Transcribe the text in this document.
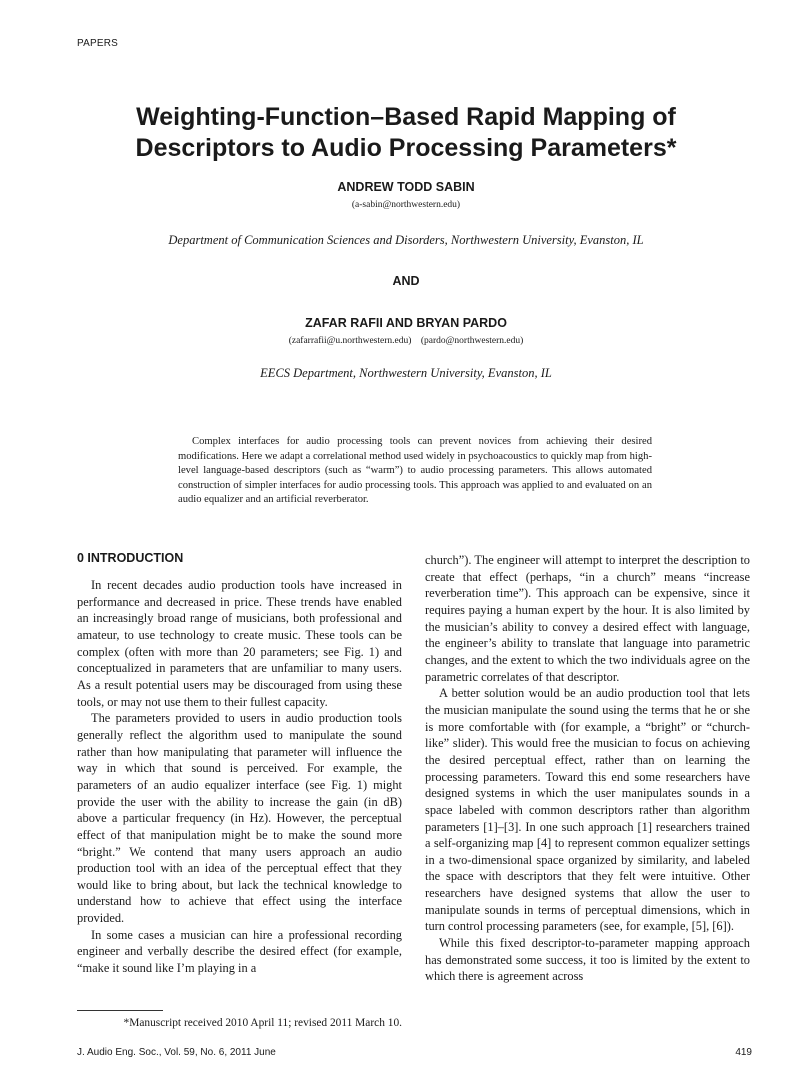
PAPERS
Weighting-Function–Based Rapid Mapping of
Descriptors to Audio Processing Parameters*
ANDREW TODD SABIN
(a-sabin@northwestern.edu)
Department of Communication Sciences and Disorders, Northwestern University, Evanston, IL
AND
ZAFAR RAFII AND BRYAN PARDO
(zafarrafii@u.northwestern.edu)    (pardo@northwestern.edu)
EECS Department, Northwestern University, Evanston, IL
Complex interfaces for audio processing tools can prevent novices from achieving their desired modifications. Here we adapt a correlational method used widely in psychoacoustics to quickly map from high-level language-based descriptors (such as “warm”) to audio processing parameters. This allows automated construction of simpler interfaces for audio processing tools. This approach was applied to and evaluated on an audio equalizer and an artificial reverberator.
0 INTRODUCTION

In recent decades audio production tools have increased in performance and decreased in price. These trends have enabled an increasingly broad range of musicians, both professional and amateur, to use technology to create music. These tools can be complex (often with more than 20 parameters; see Fig. 1) and conceptualized in parameters that are unfamiliar to many users. As a result potential users may be discouraged from using these tools, or may not use them to their fullest capacity.

The parameters provided to users in audio production tools generally reflect the algorithm used to manipulate the sound rather than how manipulating that parameter will influence the way in which that sound is perceived. For example, the parameters of an audio equalizer interface (see Fig. 1) might provide the user with the ability to increase the gain (in dB) above a particular frequency (in Hz). However, the perceptual effect of that manipulation might be to make the sound more “bright.” We contend that many users approach an audio production tool with an idea of the perceptual effect that they would like to bring about, but lack the technical knowledge to understand how to achieve that effect using the interface provided.

In some cases a musician can hire a professional recording engineer and verbally describe the desired effect (for example, “make it sound like I’m playing in a

church”). The engineer will attempt to interpret the description to create that effect (perhaps, “in a church” means “increase reverberation time”). This approach can be expensive, since it requires paying a human expert by the hour. It is also limited by the musician’s ability to convey a desired effect with language, the engineer’s ability to translate that language into parametric changes, and the extent to which the two individuals agree on the parametric correlates of that descriptor.

A better solution would be an audio production tool that lets the musician manipulate the sound using the terms that he or she is more comfortable with (for example, a “bright” or “church-like” slider). This would free the musician to focus on achieving the desired perceptual effect, rather than on learning the processing parameters. Toward this end some researchers have designed systems in which the user manipulates sounds in a space labeled with common descriptors rather than algorithm parameters [1]–[3]. In one such approach [1] researchers trained a self-organizing map [4] to represent common equalizer settings in a two-dimensional space organized by similarity, and labeled the space with descriptors that they felt were intuitive. Other researchers have designed systems that allow the user to manipulate sounds in terms of perceptual dimensions, which in turn control processing parameters (see, for example, [5], [6]).

While this fixed descriptor-to-parameter mapping approach has demonstrated some success, it too is limited by the extent to which there is agreement across

*Manuscript received 2010 April 11; revised 2011 March 10.
J. Audio Eng. Soc., Vol. 59, No. 6, 2011 June	419
